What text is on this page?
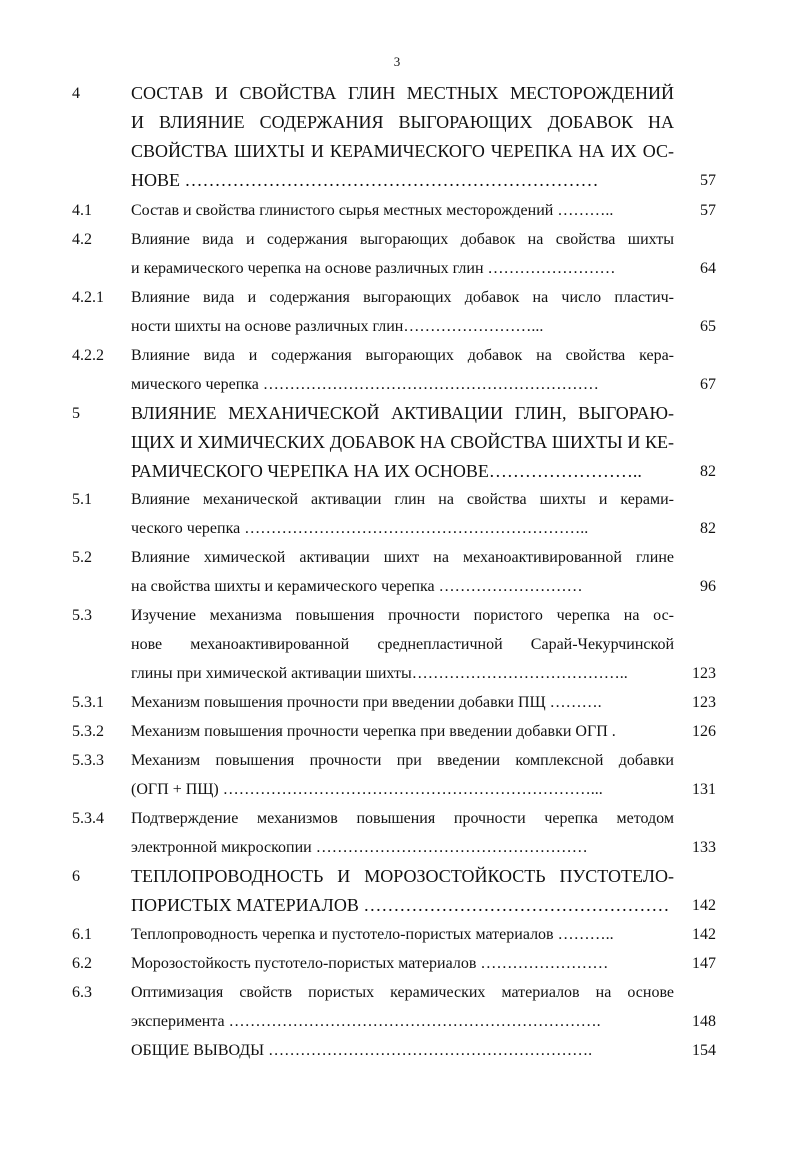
3
4	СОСТАВ И СВОЙСТВА ГЛИН МЕСТНЫХ МЕСТОРОЖДЕНИЙ
И ВЛИЯНИЕ СОДЕРЖАНИЯ ВЫГОРАЮЩИХ ДОБАВОК НА
СВОЙСТВА ШИХТЫ И КЕРАМИЧЕСКОГО ЧЕРЕПКА НА ИХ ОС-
НОВЕ ……………………………………………………………	57
4.1 Состав и свойства глинистого сырья местных месторождений ………..	57
4.2 Влияние вида и содержания выгорающих добавок на свойства шихты
и керамического черепка на основе различных глин ……………………	64
4.2.1 Влияние вида и содержания выгорающих добавок на число пластич-
ности шихты на основе различных глин……………………...	65
4.2.2 Влияние вида и содержания выгорающих добавок на свойства кера-
мического черепка ………………………………………………………	67
5	ВЛИЯНИЕ МЕХАНИЧЕСКОЙ АКТИВАЦИИ ГЛИН, ВЫГОРАЮ-
ЩИХ И ХИМИЧЕСКИХ ДОБАВОК НА СВОЙСТВА ШИХТЫ И КЕ-
РАМИЧЕСКОГО ЧЕРЕПКА НА ИХ ОСНОВЕ……………………..	82
5.1 Влияние механической активации глин на свойства шихты и керами-
ческого черепка ………………………………………………………..	82
5.2 Влияние химической активации шихт на механоактивированной глине
на свойства шихты и керамического черепка ………………………	96
5.3 Изучение механизма повышения прочности пористого черепка на ос-
нове механоактивированной среднепластичной Сарай-Чекурчинской
глины при химической активации шихты…………………………………..	123
5.3.1 Механизм повышения прочности при введении добавки ПЩ ……….	123
5.3.2 Механизм повышения прочности черепка при введении добавки ОГП .	126
5.3.3 Механизм повышения прочности при введении комплексной добавки
(ОГП + ПЩ) ……………………………………………………………...	131
5.3.4 Подтверждение механизмов повышения прочности черепка методом
электронной микроскопии ……………………………………………	133
6	ТЕПЛОПРОВОДНОСТЬ И МОРОЗОСТОЙКОСТЬ ПУСТОТЕЛО-
ПОРИСТЫХ МАТЕРИАЛОВ ……………………………………………	142
6.1 Теплопроводность черепка и пустотело-пористых материалов ………..	142
6.2 Морозостойкость пустотело-пористых материалов ……………………	147
6.3 Оптимизация свойств пористых керамических материалов на основе
эксперимента …………………………………………………………….	148
ОБЩИЕ ВЫВОДЫ …………………………………………………….	154
